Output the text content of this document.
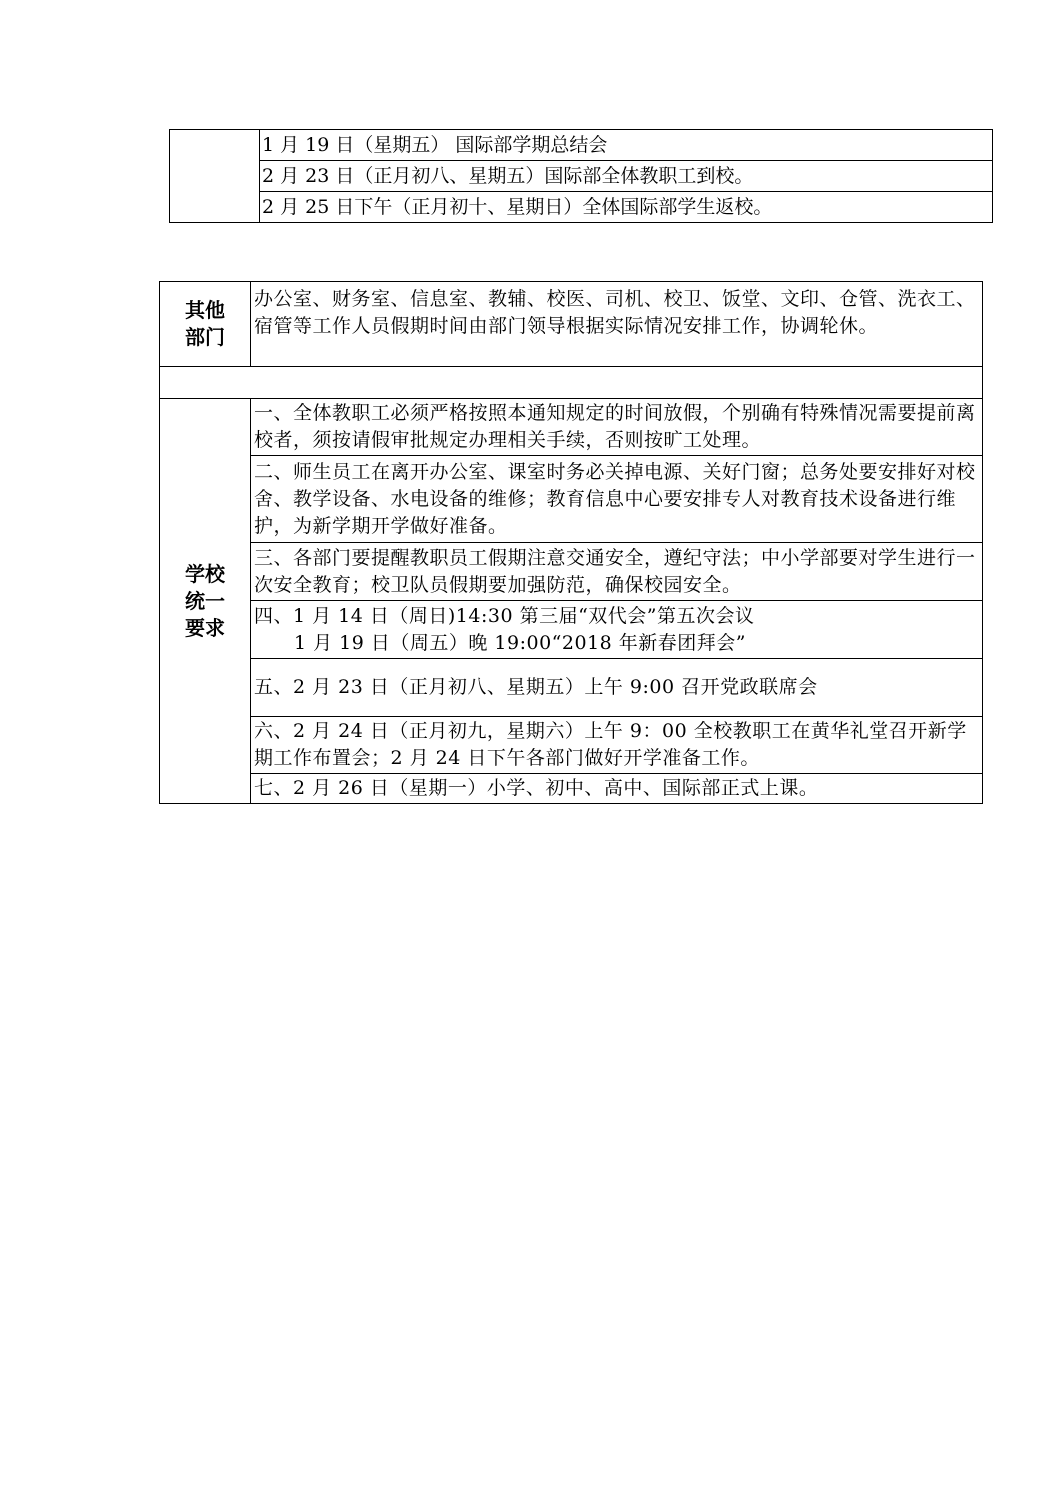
	1 月 19 日（星期五） 国际部学期总结会
2 月 23 日（正月初八、星期五）国际部全体教职工到校。
2 月 25 日下午（正月初十、星期日）全体国际部学生返校。
其他
部门	办公室、财务室、信息室、教辅、校医、司机、校卫、饭堂、文印、仓管、洗衣工、宿管等工作人员假期时间由部门领导根据实际情况安排工作，协调轮休。

学校
统一
要求	一、全体教职工必须严格按照本通知规定的时间放假，个别确有特殊情况需要提前离校者，须按请假审批规定办理相关手续，否则按旷工处理。
	二、师生员工在离开办公室、课室时务必关掉电源、关好门窗；总务处要安排好对校舍、教学设备、水电设备的维修；教育信息中心要安排专人对教育技术设备进行维护，为新学期开学做好准备。
	三、各部门要提醒教职员工假期注意交通安全，遵纪守法；中小学部要对学生进行一次安全教育；校卫队员假期要加强防范，确保校园安全。

	四、1 月 14 日（周日)14:30 第三届“双代会”第五次会议
1 月 19 日（周五）晚 19:00“2018 年新春团拜会”

	五、2 月 23 日（正月初八、星期五）上午 9:00 召开党政联席会
	六、2 月 24 日（正月初九，星期六）上午 9：00 全校教职工在黄华礼堂召开新学期工作布置会；2 月 24 日下午各部门做好开学准备工作。
	七、2 月 26 日（星期一）小学、初中、高中、国际部正式上课。
